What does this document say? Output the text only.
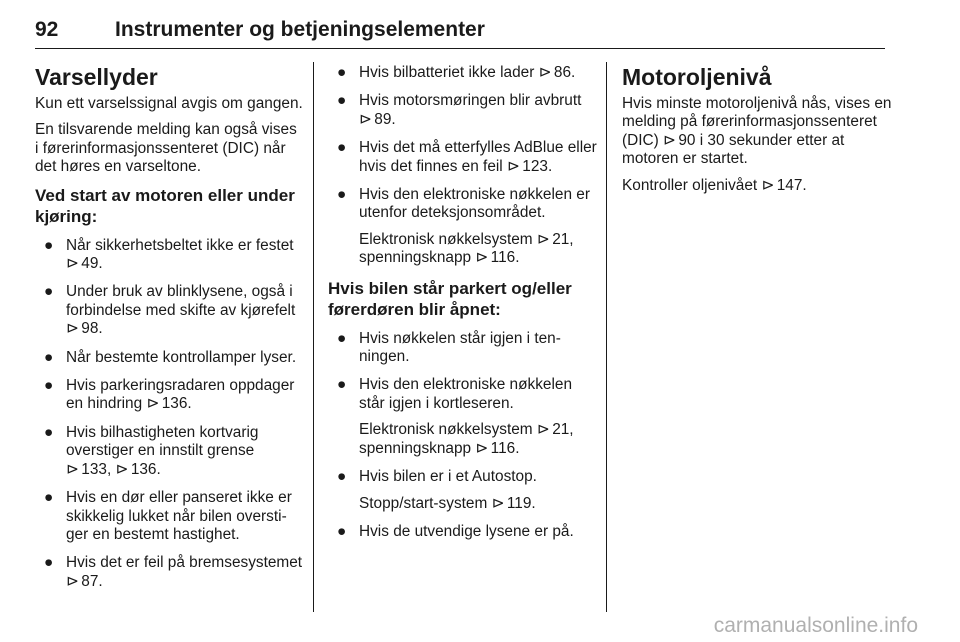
92	Instrumenter og betjeningselementer
Varsellyder

Kun ett varselssignal avgis om gangen.

En tilsvarende melding kan også vises i førerinformasjonssenteret (DIC) når det høres en varseltone.

Ved start av motoren eller under kjøring:
● Når sikkerhetsbeltet ikke er festet
⊳ 49.
● Under bruk av blinklysene, også i forbindelse med skifte av kjørefelt ⊳ 98.
● Når bestemte kontrollamper lyser.
● Hvis parkeringsradaren oppdager en hindring ⊳ 136.
● Hvis bilhastigheten kortvarig overstiger en innstilt grense
⊳ 133, ⊳ 136.
● Hvis en dør eller panseret ikke er skikkelig lukket når bilen overstiger en bestemt hastighet.
● Hvis det er feil på bremsesystemet ⊳ 87.
● Hvis bilbatteriet ikke lader ⊳ 86.
● Hvis motorsmøringen blir avbrutt
⊳ 89.
● Hvis det må etterfylles AdBlue eller hvis det finnes en feil ⊳ 123.
● Hvis den elektroniske nøkkelen er utenfor deteksjonsområdet.
Elektronisk nøkkelsystem ⊳ 21,
spenningsknapp ⊳ 116.
Hvis bilen står parkert og/eller førerdøren blir åpnet:
● Hvis nøkkelen står igjen i tenningen.
● Hvis den elektroniske nøkkelen står igjen i kortleseren.
Elektronisk nøkkelsystem ⊳ 21,
spenningsknapp ⊳ 116.
● Hvis bilen er i et Autostop.
Stopp/start-system ⊳ 119.
● Hvis de utvendige lysene er på.
Motoroljenivå

Hvis minste motoroljenivå nås, vises en melding på førerinformasjonssenteret (DIC) ⊳ 90 i 30 sekunder etter at motoren er startet.

Kontroller oljenivået ⊳ 147.

carmanualsonline.info
